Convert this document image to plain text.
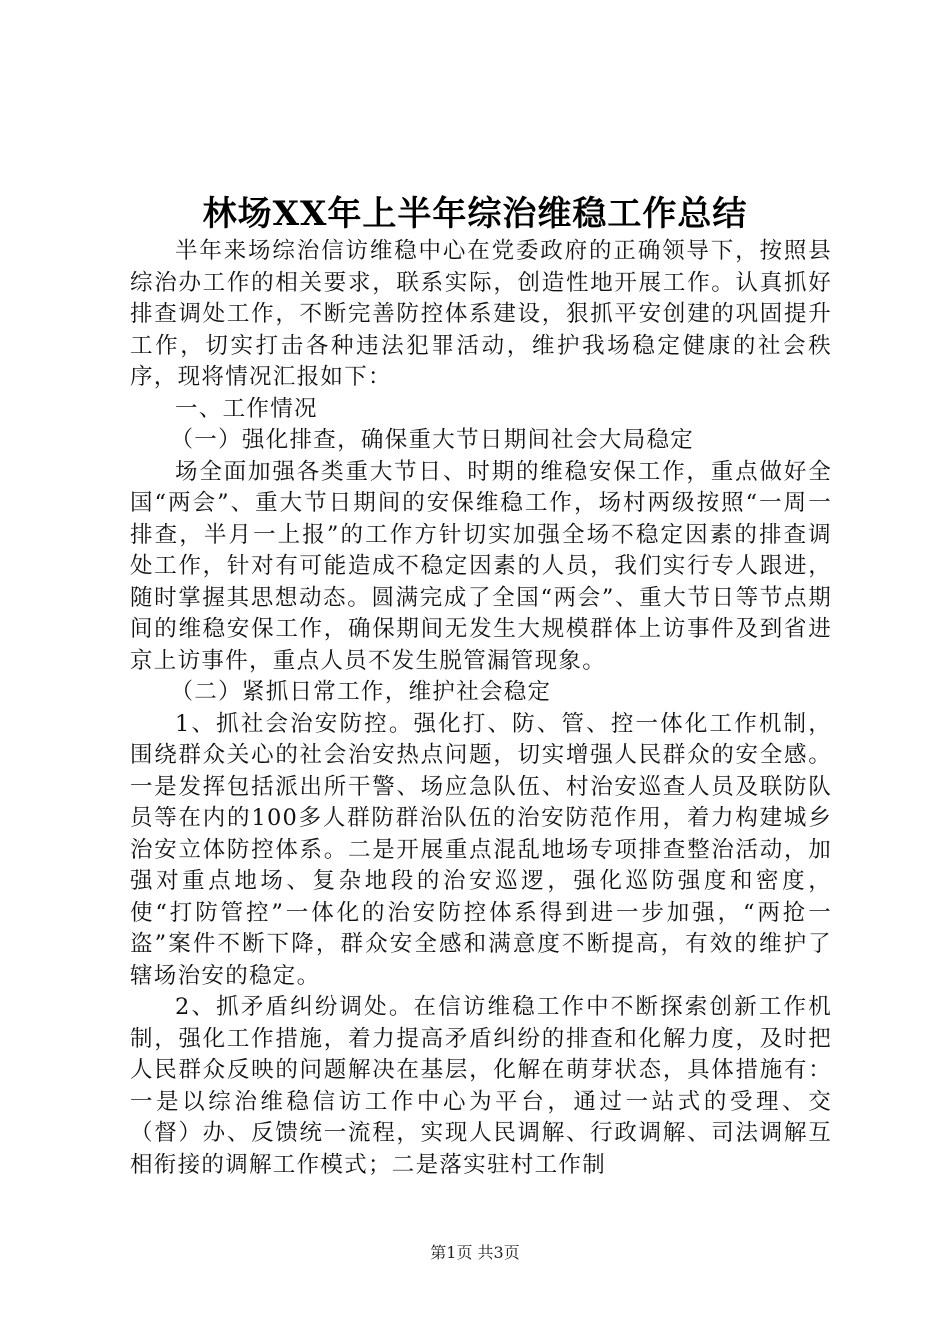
林场XX年上半年综治维稳工作总结

半年来场综治信访维稳中心在党委政府的正确领导下，按照县综治办工作的相关要求，联系实际，创造性地开展工作。认真抓好排查调处工作，不断完善防控体系建设，狠抓平安创建的巩固提升工作，切实打击各种违法犯罪活动，维护我场稳定健康的社会秩序，现将情况汇报如下：

一、工作情况

（一）强化排查，确保重大节日期间社会大局稳定

场全面加强各类重大节日、时期的维稳安保工作，重点做好全国“两会”、重大节日期间的安保维稳工作，场村两级按照“一周一排查，半月一上报”的工作方针切实加强全场不稳定因素的排查调处工作，针对有可能造成不稳定因素的人员，我们实行专人跟进，随时掌握其思想动态。圆满完成了全国“两会”、重大节日等节点期间的维稳安保工作，确保期间无发生大规模群体上访事件及到省进京上访事件，重点人员不发生脱管漏管现象。

（二）紧抓日常工作，维护社会稳定

1、抓社会治安防控。强化打、防、管、控一体化工作机制，围绕群众关心的社会治安热点问题，切实增强人民群众的安全感。一是发挥包括派出所干警、场应急队伍、村治安巡查人员及联防队员等在内的100多人群防群治队伍的治安防范作用，着力构建城乡治安立体防控体系。二是开展重点混乱地场专项排查整治活动，加强对重点地场、复杂地段的治安巡逻，强化巡防强度和密度，使“打防管控”一体化的治安防控体系得到进一步加强，“两抢一盗”案件不断下降，群众安全感和满意度不断提高，有效的维护了辖场治安的稳定。

2、抓矛盾纠纷调处。在信访维稳工作中不断探索创新工作机制，强化工作措施，着力提高矛盾纠纷的排查和化解力度，及时把人民群众反映的问题解决在基层，化解在萌芽状态，具体措施有：一是以综治维稳信访工作中心为平台，通过一站式的受理、交（督）办、反馈统一流程，实现人民调解、行政调解、司法调解互相衔接的调解工作模式；二是落实驻村工作制

第1页 共3页
